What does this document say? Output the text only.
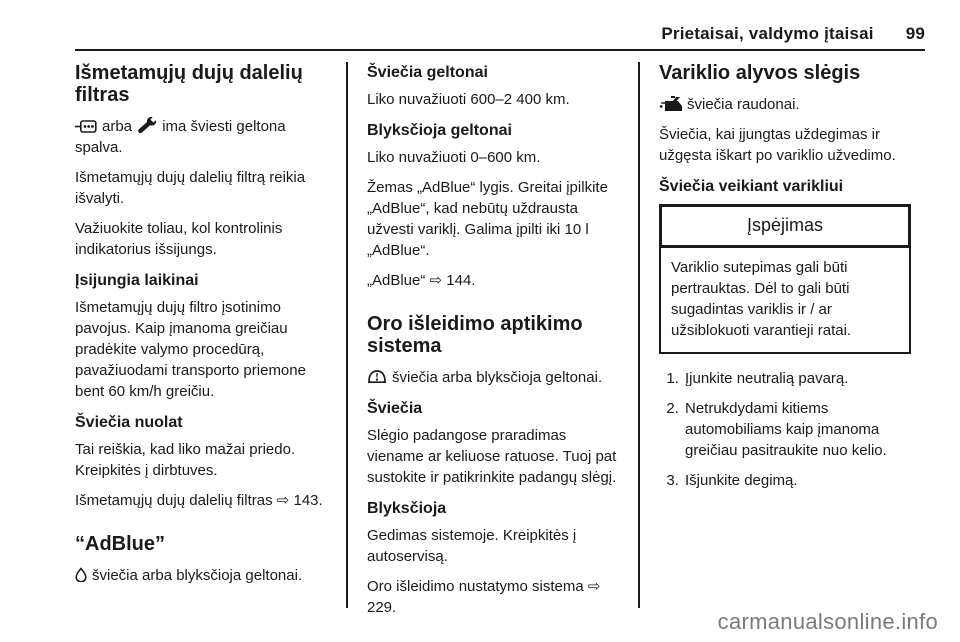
Prietaisai, valdymo įtaisai 99
Išmetamųjų dujų dalelių filtras

arba ima šviesti geltona spalva.

Išmetamųjų dujų dalelių filtrą reikia išvalyti.

Važiuokite toliau, kol kontrolinis indikatorius išsijungs.

Įsijungia laikinai

Išmetamųjų dujų filtro įsotinimo pavojus. Kaip įmanoma greičiau pradėkite valymo procedūrą, pavažiuodami transporto priemone bent 60 km/h greičiu.

Šviečia nuolat

Tai reiškia, kad liko mažai priedo. Kreipkitės į dirbtuves.

Išmetamųjų dujų dalelių filtras ⇨ 143.

“AdBlue”

šviečia arba blyksčioja geltonai.

Šviečia geltonai

Liko nuvažiuoti 600–2 400 km.

Blyksčioja geltonai

Liko nuvažiuoti 0–600 km.

Žemas „AdBlue“ lygis. Greitai įpilkite „AdBlue“, kad nebūtų uždrausta užvesti variklį. Galima įpilti iki 10 l „AdBlue“.

„AdBlue“ ⇨ 144.

Oro išleidimo aptikimo sistema

šviečia arba blyksčioja geltonai.

Šviečia

Slėgio padangose praradimas viename ar keliuose ratuose. Tuoj pat sustokite ir patikrinkite padangų slėgį.

Blyksčioja

Gedimas sistemoje. Kreipkitės į autoservisą.

Oro išleidimo nustatymo sistema ⇨ 229.

Variklio alyvos slėgis

šviečia raudonai.

Šviečia, kai įjungtas uždegimas ir užgęsta iškart po variklio užvedimo.

Šviečia veikiant varikliui
Įspėjimas
Variklio sutepimas gali būti pertrauktas. Dėl to gali būti sugadintas variklis ir / ar užsiblokuoti varantieji ratai.
1. Įjunkite neutralią pavarą.
2. Netrukdydami kitiems automobiliams kaip įmanoma greičiau pasitraukite nuo kelio.
3. Išjunkite degimą.
carmanualsonline.info
